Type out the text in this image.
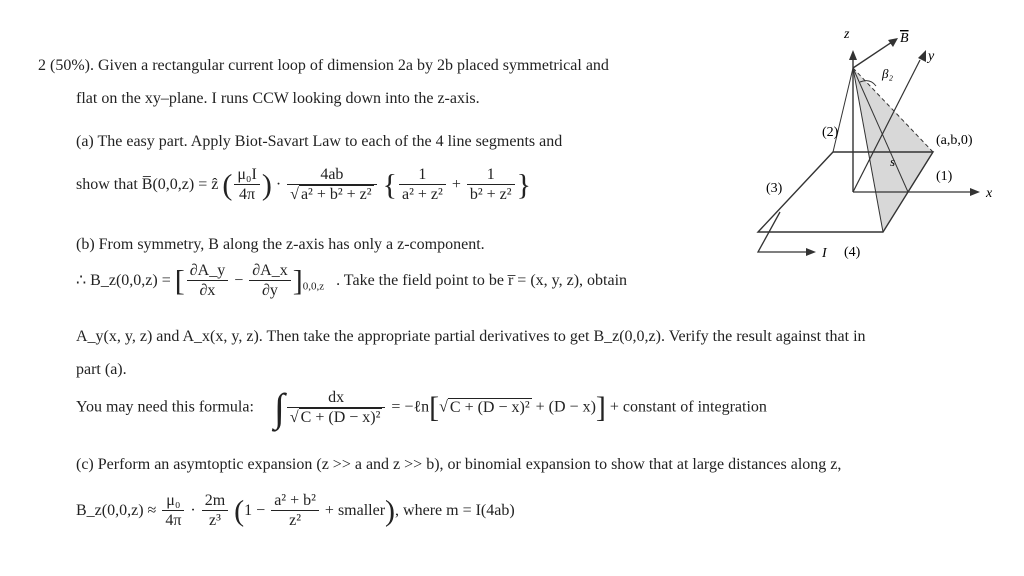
2 (50%). Given a rectangular current loop of dimension 2a by 2b placed symmetrical and
flat on the xy–plane. I runs CCW looking down into the z-axis.
(a) The easy part. Apply Biot-Savart Law to each of the 4 line segments and
show that B̅(0,0,z) = ẑ ( $\frac{\text{μ₀I}}{4\pi}$ ) · $\frac{4ab}{\text{√ a² + b² + z²}}$ { $\frac{1}{\text{a² + z²}} + \frac{1}{\text{b² + z²}}$ }
(b) From symmetry, B along the z-axis has only a z-component.
∴ B_z(0,0,z) = [ $\frac{\partial A\_y}{\partial x} - \frac{\partial A\_x}{\partial y} ]_{0,0,z}$ . Take the field point to be r̅ = (x, y, z), obtain
A_y(x, y, z) and A_x(x, y, z). Then take the appropriate partial derivatives to get B_z(0,0,z). Verify the result against that in
part (a).
You may need this formula: ∫ $\frac{dx}{\text{√ C + (D − x)²}}$ = −ℓn[√ C + (D − x)² + (D − x)] + constant of integration
(c) Perform an asymtoptic expansion (z >> a and z >> b), or binomial expansion to show that at large distances along z,
B_z(0,0,z) ≈ $\frac{\text{μ₀}}{4\pi} \cdot \frac{2m}{\text{z³}} (1 - \frac{\text{a² + b²}}{\text{z²}}$ + smaller), where m = I(4ab)
z	B
β₂
y
x
(a,b,0)
(2)
(1)
(3)
(4)
s
I
